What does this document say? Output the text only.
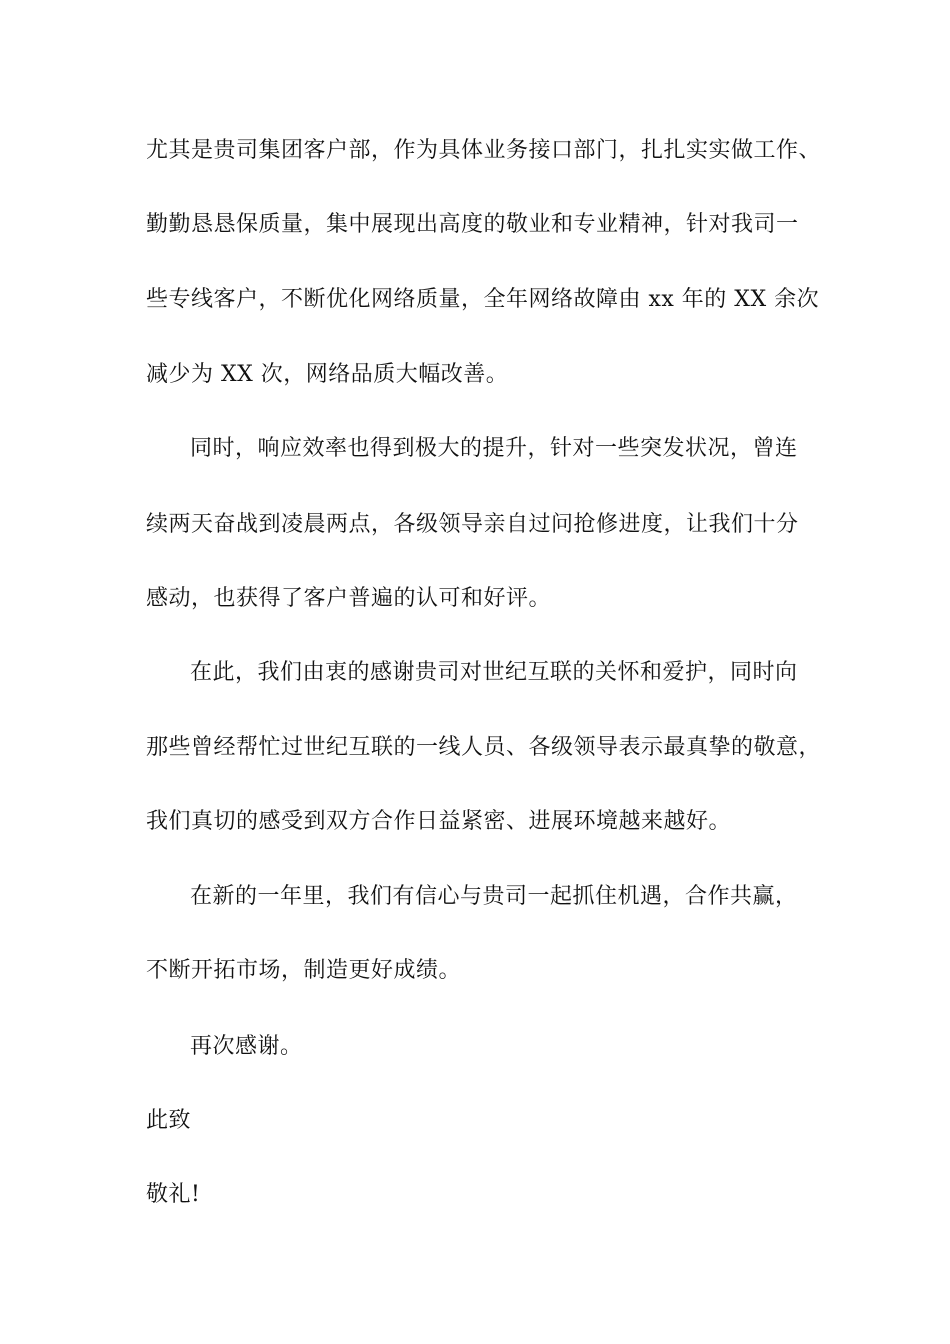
尤其是贵司集团客户部，作为具体业务接口部门，扎扎实实做工作、
勤勤恳恳保质量，集中展现出高度的敬业和专业精神，针对我司一
些专线客户，不断优化网络质量，全年网络故障由 xx 年的 XX 余次
减少为 XX 次，网络品质大幅改善。
同时，响应效率也得到极大的提升，针对一些突发状况，曾连
续两天奋战到凌晨两点，各级领导亲自过问抢修进度，让我们十分
感动，也获得了客户普遍的认可和好评。
在此，我们由衷的感谢贵司对世纪互联的关怀和爱护，同时向
那些曾经帮忙过世纪互联的一线人员、各级领导表示最真挚的敬意，
我们真切的感受到双方合作日益紧密、进展环境越来越好。
在新的一年里，我们有信心与贵司一起抓住机遇，合作共赢，
不断开拓市场，制造更好成绩。
再次感谢。
此致
敬礼!
